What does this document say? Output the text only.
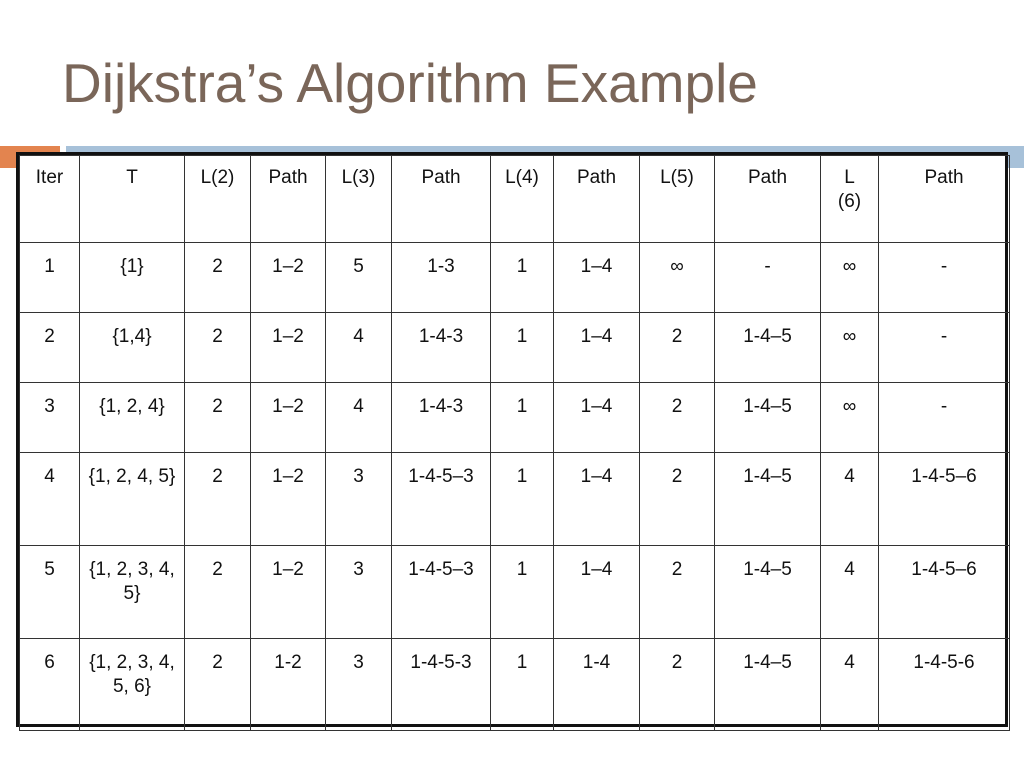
Dijkstra’s Algorithm Example
Iter	T	L(2)	Path	L(3)	Path	L(4)	Path	L(5)	Path	L(6)	Path
1	{1}	2	1–2	5	1-3	1	1–4	∞	-	∞	-
2	{1,4}	2	1–2	4	1-4-3	1	1–4	2	1-4–5	∞	-
3	{1, 2, 4}	2	1–2	4	1-4-3	1	1–4	2	1-4–5	∞	-
4	{1, 2, 4, 5}	2	1–2	3	1-4-5–3	1	1–4	2	1-4–5	4	1-4-5–6
5	{1, 2, 3, 4, 5}	2	1–2	3	1-4-5–3	1	1–4	2	1-4–5	4	1-4-5–6
6	{1, 2, 3, 4, 5, 6}	2	1-2	3	1-4-5-3	1	1-4	2	1-4–5	4	1-4-5-6
